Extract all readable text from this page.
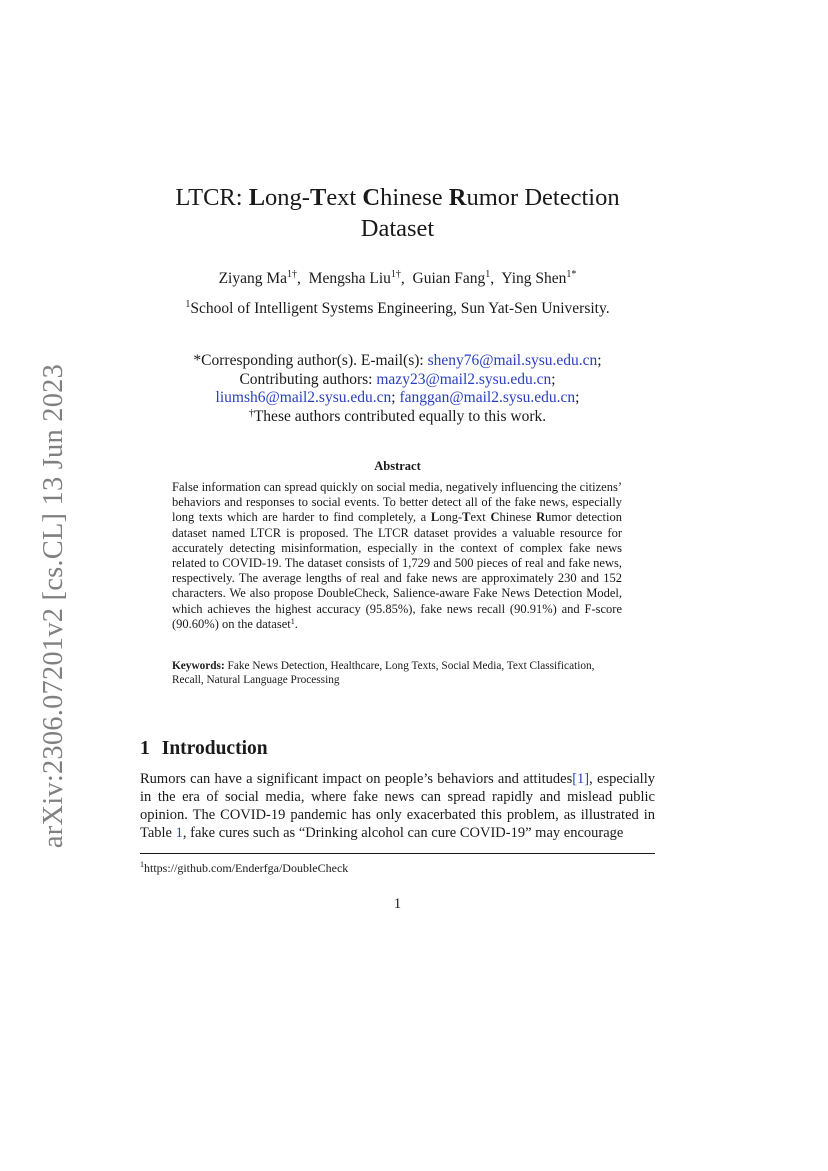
arXiv:2306.07201v2 [cs.CL] 13 Jun 2023
LTCR: Long-Text Chinese Rumor Detection
Dataset
Ziyang $Ma^{1\dagger}$,  Mengsha Liu$^{1\dagger}$,  Guian Fang$^1$,  Ying Shen$^{1*}$
$^1$School of Intelligent Systems Engineering, Sun Yat-Sen University.
*Corresponding author(s). E-mail(s): sheny76@mail.sysu.edu.cn;
Contributing authors: mazy23@mail2.sysu.edu.cn;
liumsh6@mail2.sysu.edu.cn; fanggan@mail2.sysu.edu.cn;
†These authors contributed equally to this work.
Abstract
False information can spread quickly on social media, negatively influencing the citizens’ behaviors and responses to social events. To better detect all of the fake news, especially long texts which are harder to find completely, a Long-Text Chinese Rumor detection dataset named LTCR is proposed. The LTCR dataset provides a valuable resource for accurately detecting misinformation, especially in the context of complex fake news related to COVID-19. The dataset consists of 1,729 and 500 pieces of real and fake news, respectively. The average lengths of real and fake news are approximately 230 and 152 characters. We also propose DoubleCheck, Salience-aware Fake News Detection Model, which achieves the highest accuracy (95.85%), fake news recall (90.91%) and F-score (90.60%) on the dataset$^1$.
Keywords: Fake News Detection, Healthcare, Long Texts, Social Media, Text Classification, Recall, Natural Language Processing
1 Introduction
Rumors can have a significant impact on people’s behaviors and attitudes[1], especially in the era of social media, where fake news can spread rapidly and mislead public opinion. The COVID-19 pandemic has only exacerbated this problem, as illustrated in Table 1, fake cures such as “Drinking alcohol can cure COVID-19” may encourage
$^1$https://github.com/Enderfga/DoubleCheck
1
